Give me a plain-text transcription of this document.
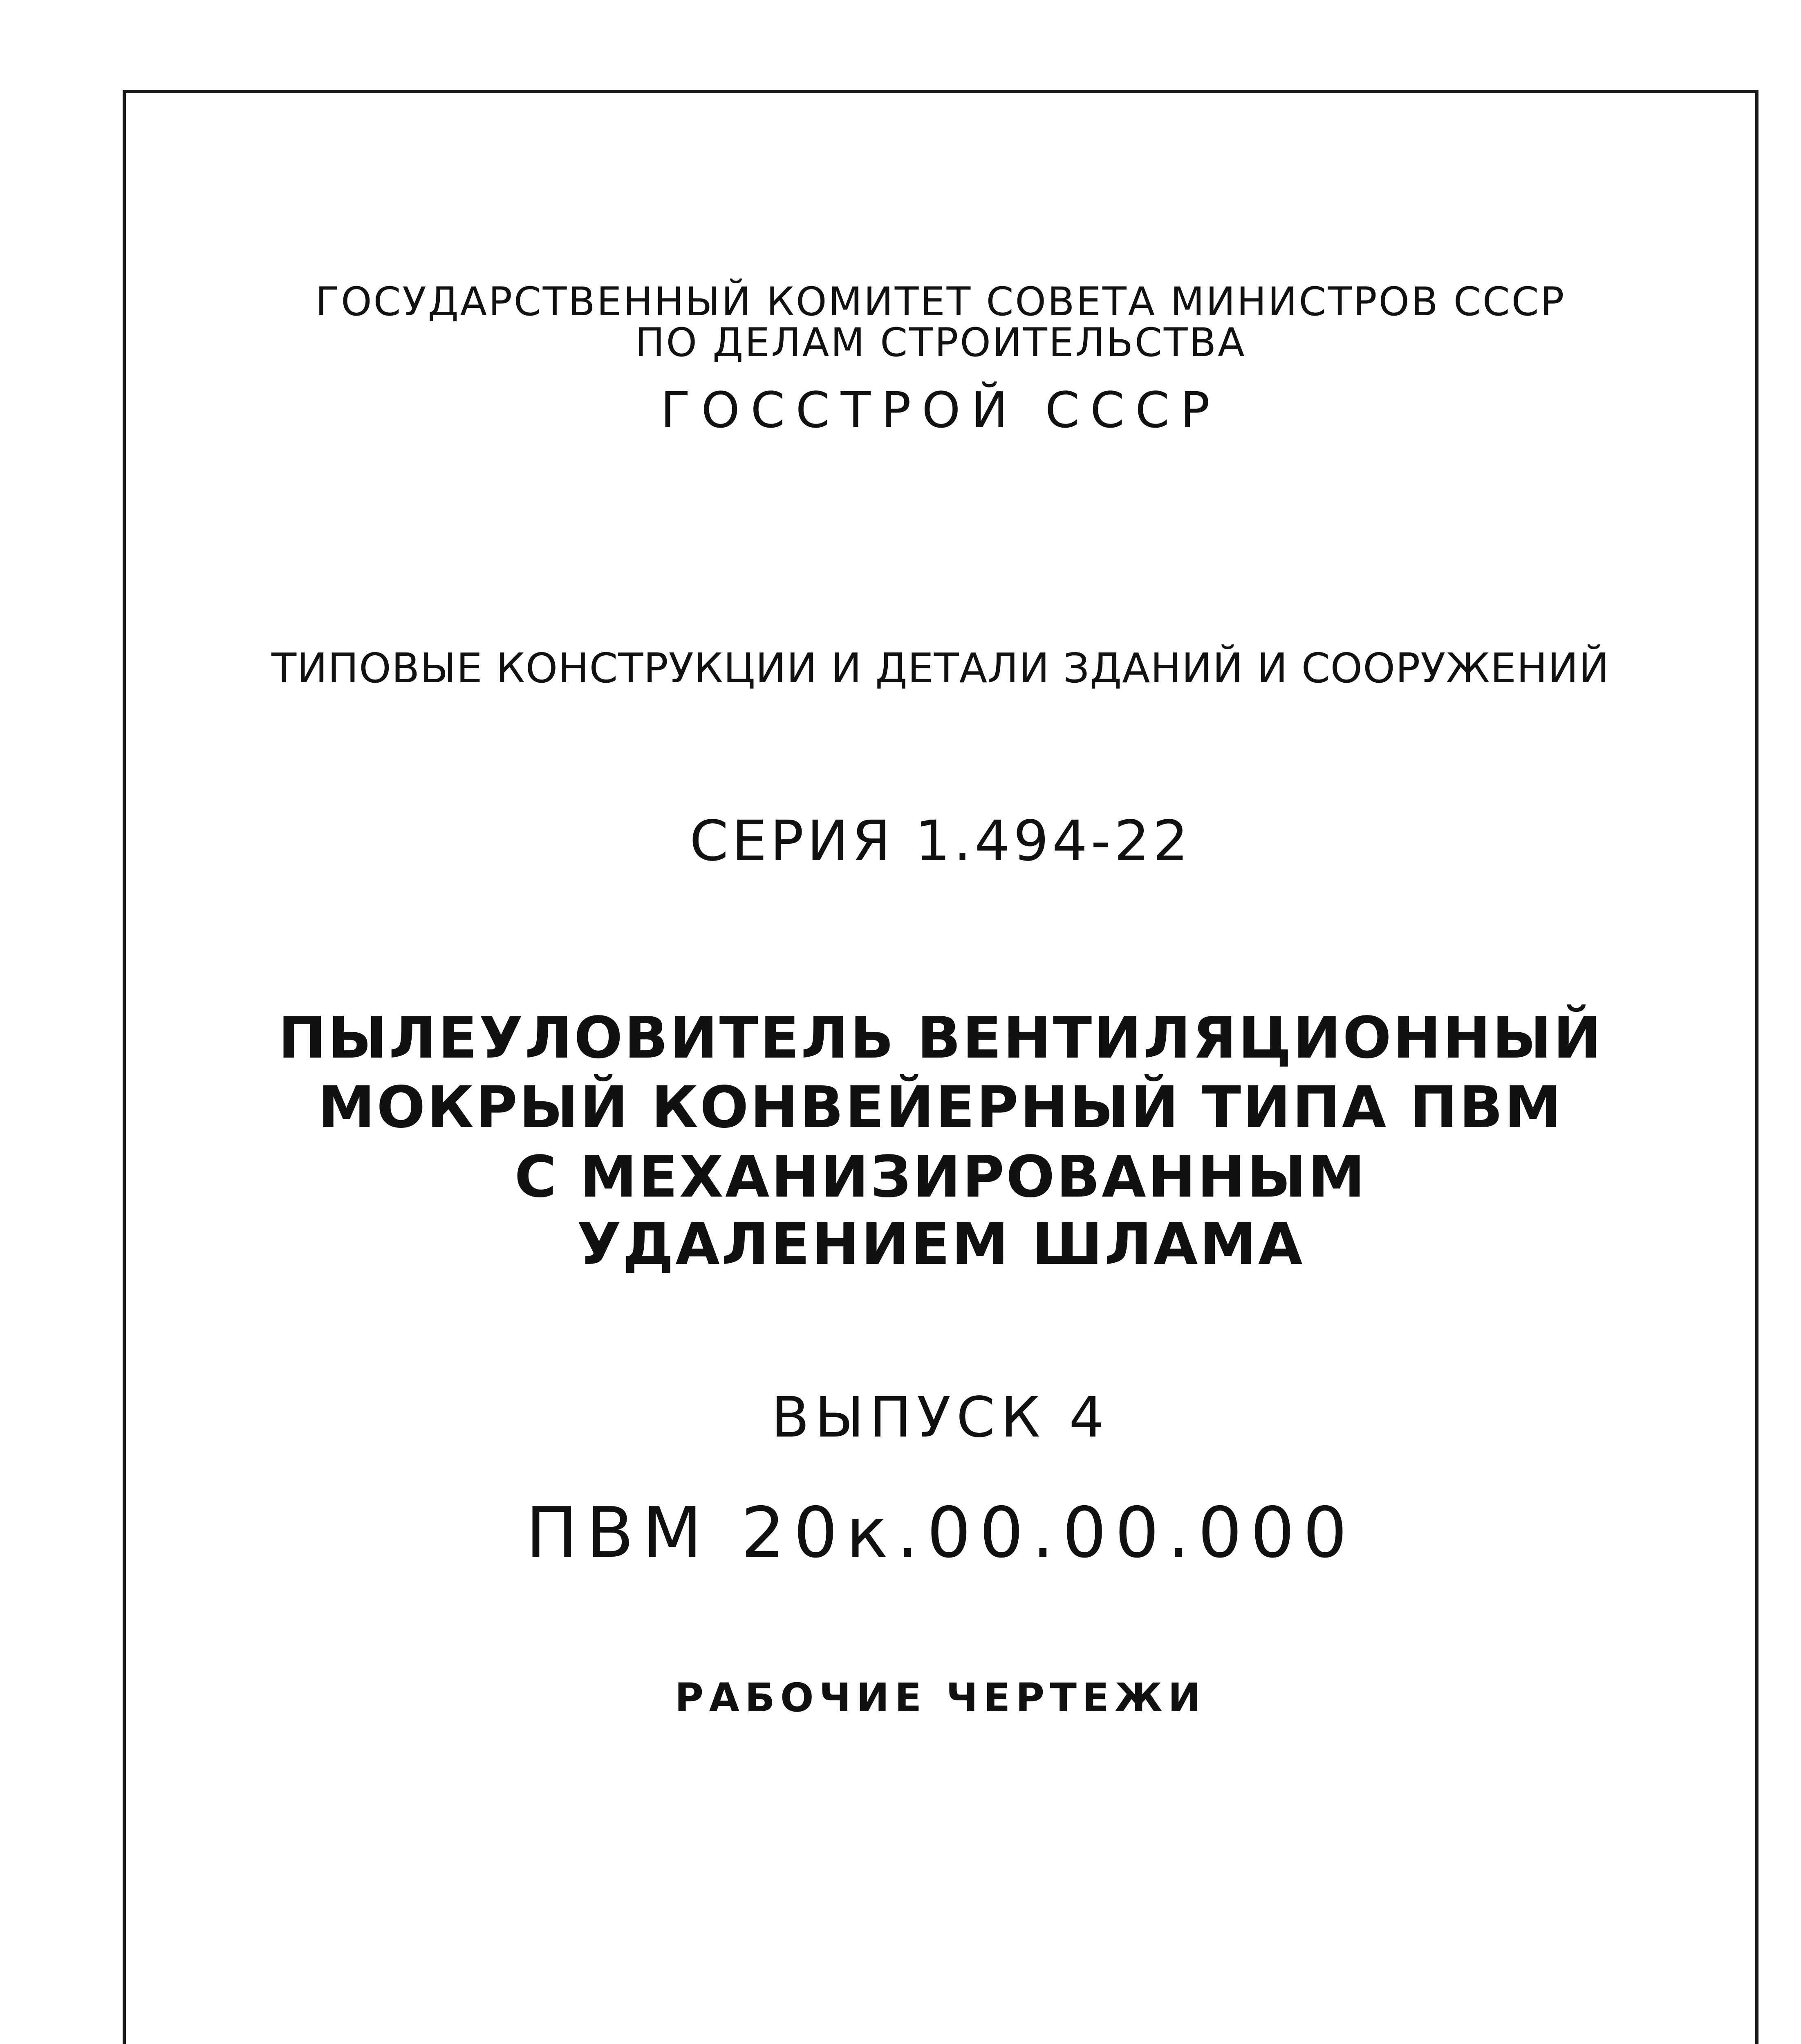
ГОСУДАРСТВЕННЫЙ КОМИТЕТ СОВЕТА МИНИСТРОВ СССР
ПО ДЕЛАМ СТРОИТЕЛЬСТВА
ГОССТРОЙ СССР
ТИПОВЫЕ КОНСТРУКЦИИ И ДЕТАЛИ ЗДАНИЙ И СООРУЖЕНИЙ
СЕРИЯ 1.494-22
ПЫЛЕУЛОВИТЕЛЬ ВЕНТИЛЯЦИОННЫЙ
МОКРЫЙ КОНВЕЙЕРНЫЙ ТИПА ПВМ
С МЕХАНИЗИРОВАННЫМ
УДАЛЕНИЕМ ШЛАМА
ВЫПУСК 4
ПВМ 20к.00.00.000
РАБОЧИЕ ЧЕРТЕЖИ
